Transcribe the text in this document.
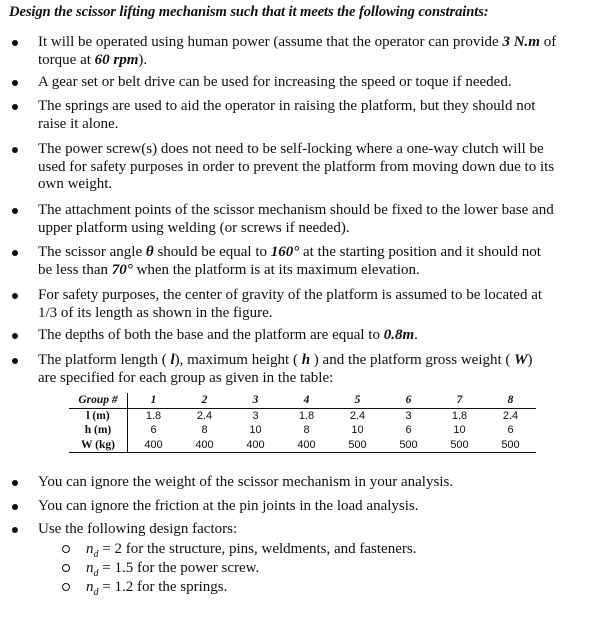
Design the scissor lifting mechanism such that it meets the following constraints:
It will be operated using human power (assume that the operator can provide 3 N.m of
torque at 60 rpm).
A gear set or belt drive can be used for increasing the speed or toque if needed.
The springs are used to aid the operator in raising the platform, but they should not
raise it alone.
The power screw(s) does not need to be self-locking where a one-way clutch will be
used for safety purposes in order to prevent the platform from moving down due to its
own weight.
The attachment points of the scissor mechanism should be fixed to the lower base and
upper platform using welding (or screws if needed).
The scissor angle θ should be equal to 160° at the starting position and it should not
be less than 70° when the platform is at its maximum elevation.
For safety purposes, the center of gravity of the platform is assumed to be located at
1/3 of its length as shown in the figure.
The depths of both the base and the platform are equal to 0.8m.
The platform length ( l), maximum height ( h ) and the platform gross weight ( W)
are specified for each group as given in the table:
Group #	1	2	3	4	5	6	7	8
l (m)	1.8	2.4	3	1.8	2.4	3	1.8	2.4
h (m)	6	8	10	8	10	6	10	6
W (kg)	400	400	400	400	500	500	500	500
You can ignore the weight of the scissor mechanism in your analysis.
You can ignore the friction at the pin joints in the load analysis.
Use the following design factors:
$n_d = 2$ for the structure, pins, weldments, and fasteners.
$n_d = 1.5$ for the power screw.
$n_d = 1.2$ for the springs.
